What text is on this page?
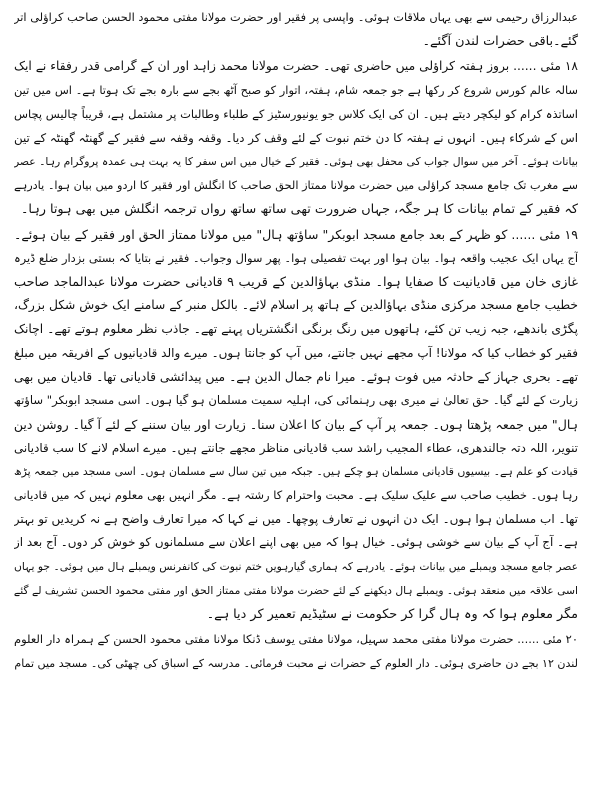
عبدالرزاق رحیمی سے بھی یہاں ملاقات ہوئی۔ واپسی پر فقیر اور حضرت مولانا مفتی محمود الحسن صاحب کراؤلی اتر
گئے۔باقی حضرات لندن آگئے۔
۱۸ مئی ...... بروز ہفتہ کراؤلی میں حاضری تھی۔ حضرت مولانا محمد زاہد اور ان کے گرامی قدر رفقاء نے ایک
سالہ عالم کورس شروع کر رکھا ہے جو جمعہ شام، ہفتہ، اتوار کو صبح آٹھ بجے سے بارہ بجے تک ہوتا ہے۔ اس میں تین
اساتذہ کرام کو لیکچر دیتے ہیں۔ ان کی ایک کلاس جو یونیورسٹیز کے طلباء وطالبات پر مشتمل ہے، قریباً چالیس پچاس
اس کے شرکاء ہیں۔ انہوں نے ہفتہ کا دن ختم نبوت کے لئے وقف کر دیا۔ وقفہ وقفہ سے فقیر کے گھنٹہ گھنٹہ کے تین
بیانات ہوئے۔ آخر میں سوال جواب کی محفل بھی ہوئی۔ فقیر کے خیال میں اس سفر کا یہ بہت ہی عمدہ پروگرام رہا۔ عصر
سے مغرب تک جامع مسجد کراؤلی میں حضرت مولانا ممتاز الحق صاحب کا انگلش اور فقیر کا اردو میں بیان ہوا۔ یادرہے
کہ فقیر کے تمام بیانات کا ہر جگہ، جہاں ضرورت تھی ساتھ ساتھ رواں ترجمہ انگلش میں بھی ہوتا رہا۔
۱۹ مئی ...... کو ظہر کے بعد جامع مسجد ابوبکر" ساؤتھ ہال" میں مولانا ممتاز الحق اور فقیر کے بیان ہوئے۔
آج یہاں ایک عجیب واقعہ ہوا۔ بیان ہوا اور بہت تفصیلی ہوا۔ پھر سوال وجواب۔ فقیر نے بتایا کہ بستی بزدار ضلع ڈیرہ
غازی خان میں قادیانیت کا صفایا ہوا۔ منڈی بہاؤالدین کے قریب ۹ قادیانی حضرت مولانا عبدالماجد صاحب
خطیب جامع مسجد مرکزی منڈی بہاؤالدین کے ہاتھ پر اسلام لائے۔ بالکل منبر کے سامنے ایک خوش شکل بزرگ،
پگڑی باندھے، جبہ زیب تن کئے، ہاتھوں میں رنگ برنگی انگشتریاں پہنے تھے۔ جاذب نظر معلوم ہوتے تھے۔ اچانک
فقیر کو خطاب کیا کہ مولانا! آپ مجھے نہیں جانتے، میں آپ کو جانتا ہوں۔ میرے والد قادیانیوں کے افریقہ میں مبلغ
تھے۔ بحری جہاز کے حادثہ میں فوت ہوئے۔ میرا نام جمال الدین ہے۔ میں پیدائشی قادیانی تھا۔ قادیان میں بھی
زیارت کے لئے گیا۔ حق تعالیٰ نے میری بھی رہنمائی کی، اہلیہ سمیت مسلمان ہو گیا ہوں۔ اسی مسجد ابوبکر" ساؤتھ
ہال" میں جمعہ پڑھتا ہوں۔ جمعہ پر آپ کے بیان کا اعلان سنا۔ زیارت اور بیان سننے کے لئے آ گیا۔ روشن دین
تنویر، اللہ دتہ جالندھری، عطاء المجیب راشد سب قادیانی مناظر مجھے جانتے ہیں۔ میرے اسلام لانے کا سب قادیانی
قیادت کو علم ہے۔ بیسیوں قادیانی مسلمان ہو چکے ہیں۔ جبکہ میں تین سال سے مسلمان ہوں۔ اسی مسجد میں جمعہ پڑھ
رہا ہوں۔ خطیب صاحب سے علیک سلیک ہے۔ محبت واحترام کا رشتہ ہے۔ مگر انہیں بھی معلوم نہیں کہ میں قادیانی
تھا۔ اب مسلمان ہوا ہوں۔ ایک دن انہوں نے تعارف پوچھا۔ میں نے کہا کہ میرا تعارف واضح ہے نہ کریدیں تو بہتر
ہے۔ آج آپ کے بیان سے خوشی ہوئی۔ خیال ہوا کہ میں بھی اپنے اعلان سے مسلمانوں کو خوش کر دوں۔ آج بعد از
عصر جامع مسجد ویمبلے میں بیانات ہوئے۔ یادرہے کہ ہماری گیارہویں ختم نبوت کی کانفرنس ویمبلے ہال میں ہوئی۔ جو یہاں
اسی علاقہ میں منعقد ہوئی۔ ویمبلے ہال دیکھنے کے لئے حضرت مولانا مفتی ممتاز الحق اور مفتی محمود الحسن تشریف لے گئے
مگر معلوم ہوا کہ وہ ہال گرا کر حکومت نے سٹیڈیم تعمیر کر دیا ہے۔
۲۰ مئی ...... حضرت مولانا مفتی محمد سہیل، مولانا مفتی یوسف ڈنکا مولانا مفتی محمود الحسن کے ہمراہ دار العلوم
لندن ۱۲ بجے دن حاضری ہوئی۔ دار العلوم کے حضرات نے محبت فرمائی۔ مدرسہ کے اسباق کی چھٹی کی۔ مسجد میں تمام
